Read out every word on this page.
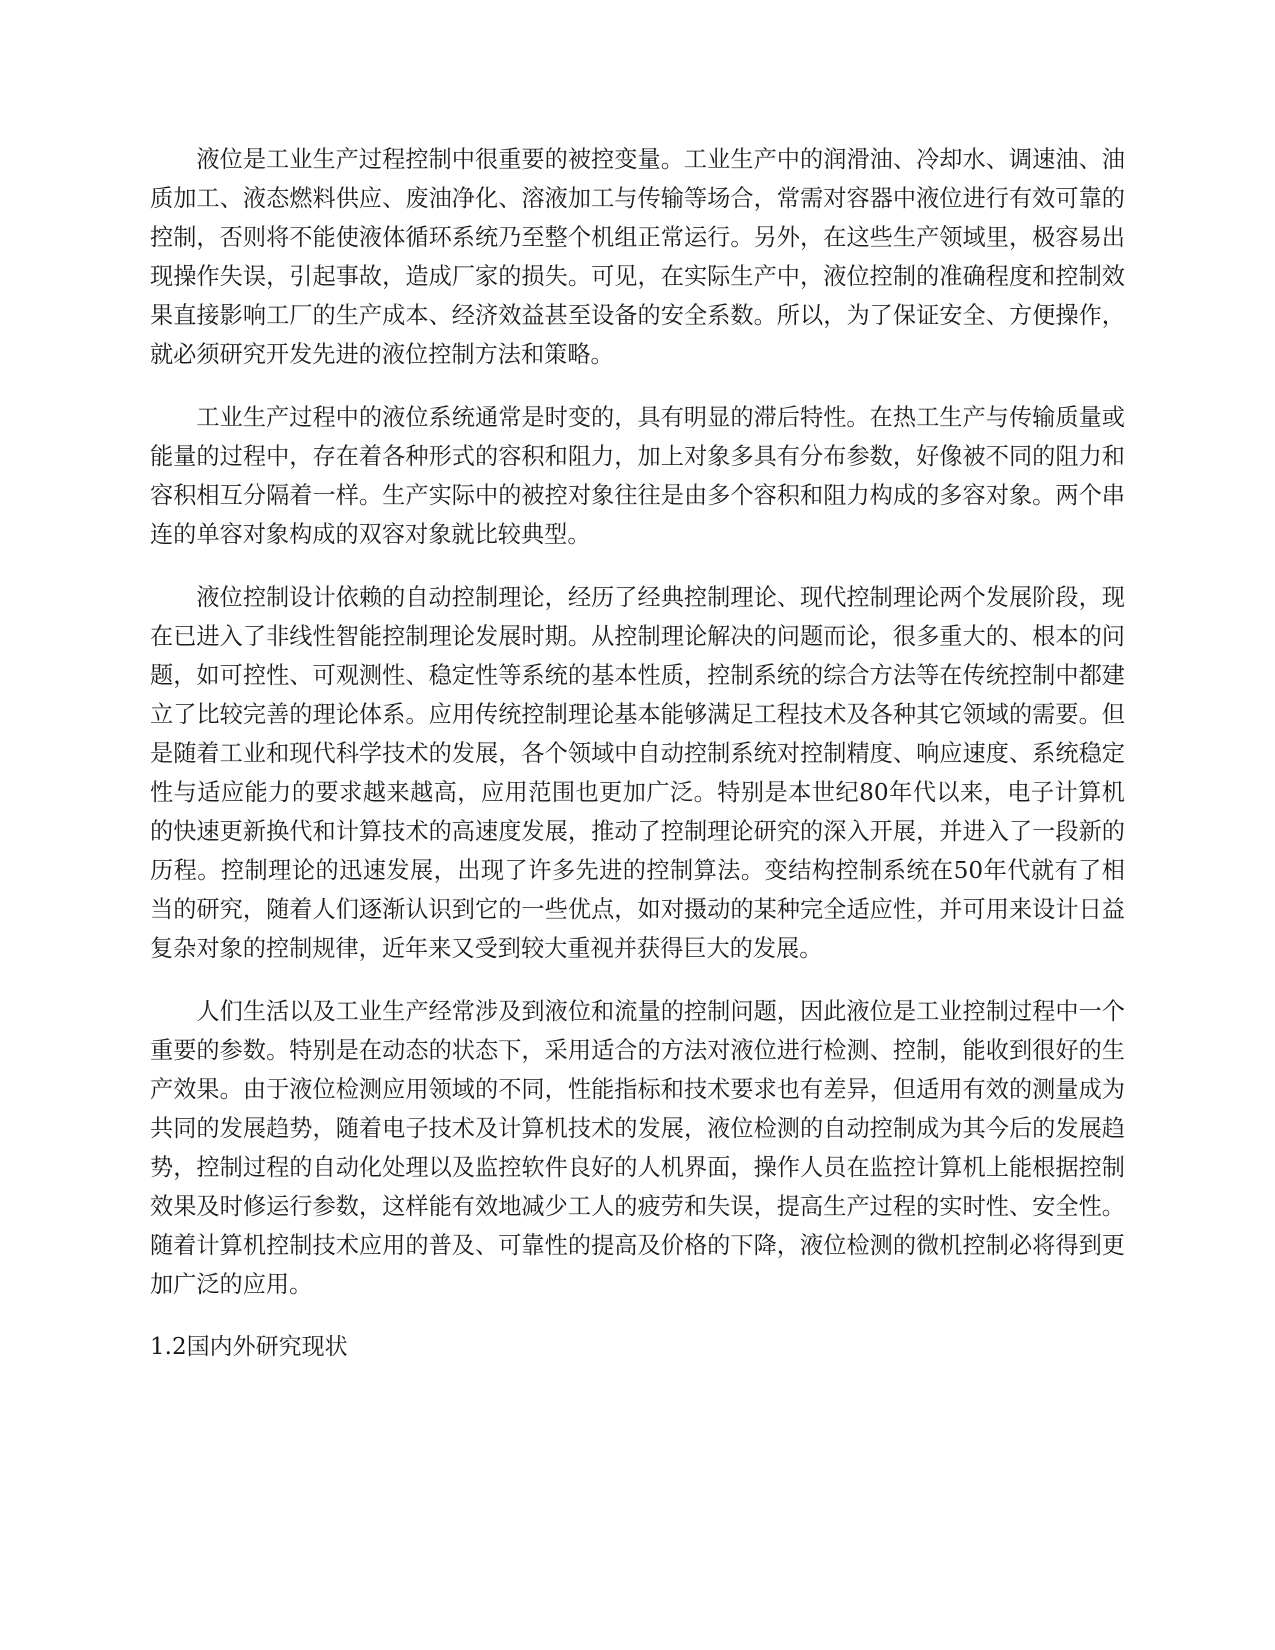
液位是工业生产过程控制中很重要的被控变量。工业生产中的润滑油、冷却水、调速油、油质加工、液态燃料供应、废油净化、溶液加工与传输等场合，常需对容器中液位进行有效可靠的控制，否则将不能使液体循环系统乃至整个机组正常运行。另外，在这些生产领域里，极容易出现操作失误，引起事故，造成厂家的损失。可见，在实际生产中，液位控制的准确程度和控制效果直接影响工厂的生产成本、经济效益甚至设备的安全系数。所以，为了保证安全、方便操作，就必须研究开发先进的液位控制方法和策略。

工业生产过程中的液位系统通常是时变的，具有明显的滞后特性。在热工生产与传输质量或能量的过程中，存在着各种形式的容积和阻力，加上对象多具有分布参数，好像被不同的阻力和容积相互分隔着一样。生产实际中的被控对象往往是由多个容积和阻力构成的多容对象。两个串连的单容对象构成的双容对象就比较典型。

液位控制设计依赖的自动控制理论，经历了经典控制理论、现代控制理论两个发展阶段，现在已进入了非线性智能控制理论发展时期。从控制理论解决的问题而论，很多重大的、根本的问题，如可控性、可观测性、稳定性等系统的基本性质，控制系统的综合方法等在传统控制中都建立了比较完善的理论体系。应用传统控制理论基本能够满足工程技术及各种其它领域的需要。但是随着工业和现代科学技术的发展，各个领域中自动控制系统对控制精度、响应速度、系统稳定性与适应能力的要求越来越高，应用范围也更加广泛。特别是本世纪80年代以来，电子计算机的快速更新换代和计算技术的高速度发展，推动了控制理论研究的深入开展，并进入了一段新的历程。控制理论的迅速发展，出现了许多先进的控制算法。变结构控制系统在50年代就有了相当的研究，随着人们逐渐认识到它的一些优点，如对摄动的某种完全适应性，并可用来设计日益复杂对象的控制规律，近年来又受到较大重视并获得巨大的发展。

人们生活以及工业生产经常涉及到液位和流量的控制问题，因此液位是工业控制过程中一个重要的参数。特别是在动态的状态下，采用适合的方法对液位进行检测、控制，能收到很好的生产效果。由于液位检测应用领域的不同，性能指标和技术要求也有差异，但适用有效的测量成为共同的发展趋势，随着电子技术及计算机技术的发展，液位检测的自动控制成为其今后的发展趋势，控制过程的自动化处理以及监控软件良好的人机界面，操作人员在监控计算机上能根据控制效果及时修运行参数，这样能有效地减少工人的疲劳和失误，提高生产过程的实时性、安全性。随着计算机控制技术应用的普及、可靠性的提高及价格的下降，液位检测的微机控制必将得到更加广泛的应用。

1.2国内外研究现状
